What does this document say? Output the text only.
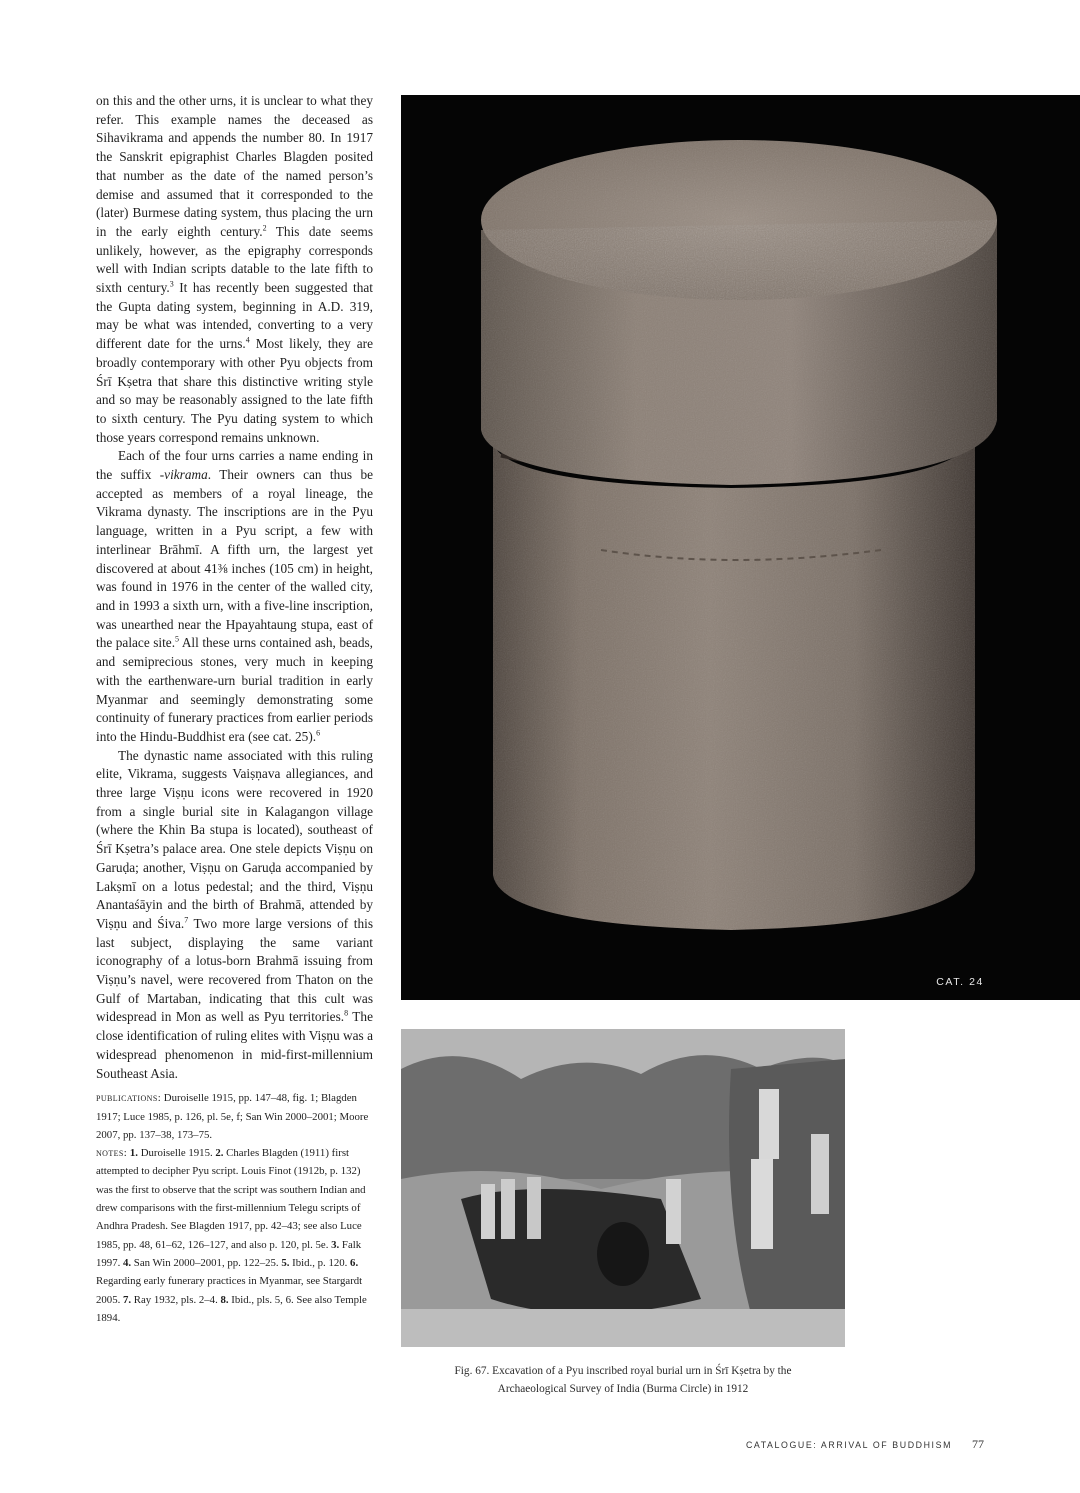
on this and the other urns, it is unclear to what they refer. This example names the deceased as Sihavikrama and appends the number 80. In 1917 the Sanskrit epigraphist Charles Blagden posited that number as the date of the named person’s demise and assumed that it corresponded to the (later) Burmese dating system, thus placing the urn in the early eighth century.$^2$ This date seems unlikely, however, as the epigraphy corresponds well with Indian scripts datable to the late fifth to sixth century.$^3$ It has recently been suggested that the Gupta dating system, beginning in A.D. 319, may be what was intended, converting to a very different date for the urns.$^4$ Most likely, they are broadly contemporary with other Pyu objects from Śrī Kṣetra that share this distinctive writing style and so may be reasonably assigned to the late fifth to sixth century. The Pyu dating system to which those years correspond remains unknown.

Each of the four urns carries a name ending in the suffix -vikrama. Their owners can thus be accepted as members of a royal lineage, the Vikrama dynasty. The inscriptions are in the Pyu language, written in a Pyu script, a few with interlinear Brāhmī. A fifth urn, the largest yet discovered at about 41⅜ inches (105 cm) in height, was found in 1976 in the center of the walled city, and in 1993 a sixth urn, with a five-line inscription, was unearthed near the Hpayahtaung stupa, east of the palace site.$^5$ All these urns contained ash, beads, and semiprecious stones, very much in keeping with the earthenware-urn burial tradition in early Myanmar and seemingly demonstrating some continuity of funerary practices from earlier periods into the Hindu-Buddhist era (see cat. 25).$^6$

The dynastic name associated with this ruling elite, Vikrama, suggests Vaiṣṇava allegiances, and three large Viṣṇu icons were recovered in 1920 from a single burial site in Kalagangon village (where the Khin Ba stupa is located), southeast of Śrī Kṣetra’s palace area. One stele depicts Viṣṇu on Garuḍa; another, Viṣṇu on Garuḍa accompanied by Lakṣmī on a lotus pedestal; and the third, Viṣṇu Anantaśāyin and the birth of Brahmā, attended by Viṣṇu and Śiva.$^7$ Two more large versions of this last subject, displaying the same variant iconography of a lotus-born Brahmā issuing from Viṣṇu’s navel, were recovered from Thaton on the Gulf of Martaban, indicating that this cult was widespread in Mon as well as Pyu territories.$^8$ The close identification of ruling elites with Viṣṇu was a widespread phenomenon in mid-first-millennium Southeast Asia.

publications: Duroiselle 1915, pp. 147–48, fig. 1; Blagden 1917; Luce 1985, p. 126, pl. 5e, f; San Win 2000–2001; Moore 2007, pp. 137–38, 173–75.

notes: 1. Duroiselle 1915. 2. Charles Blagden (1911) first attempted to decipher Pyu script. Louis Finot (1912b, p. 132) was the first to observe that the script was southern Indian and drew comparisons with the first-millennium Telegu scripts of Andhra Pradesh. See Blagden 1917, pp. 42–43; see also Luce 1985, pp. 48, 61–62, 126–127, and also p. 120, pl. 5e. 3. Falk 1997. 4. San Win 2000–2001, pp. 122–25. 5. Ibid., p. 120. 6. Regarding early funerary practices in Myanmar, see Stargardt 2005. 7. Ray 1932, pls. 2–4. 8. Ibid., pls. 5, 6. See also Temple 1894.

CAT. 24
Fig. 67. Excavation of a Pyu inscribed royal burial urn in Śrī Kṣetra by the
Archaeological Survey of India (Burma Circle) in 1912
CATALOGUE: ARRIVAL OF BUDDHISM 77
